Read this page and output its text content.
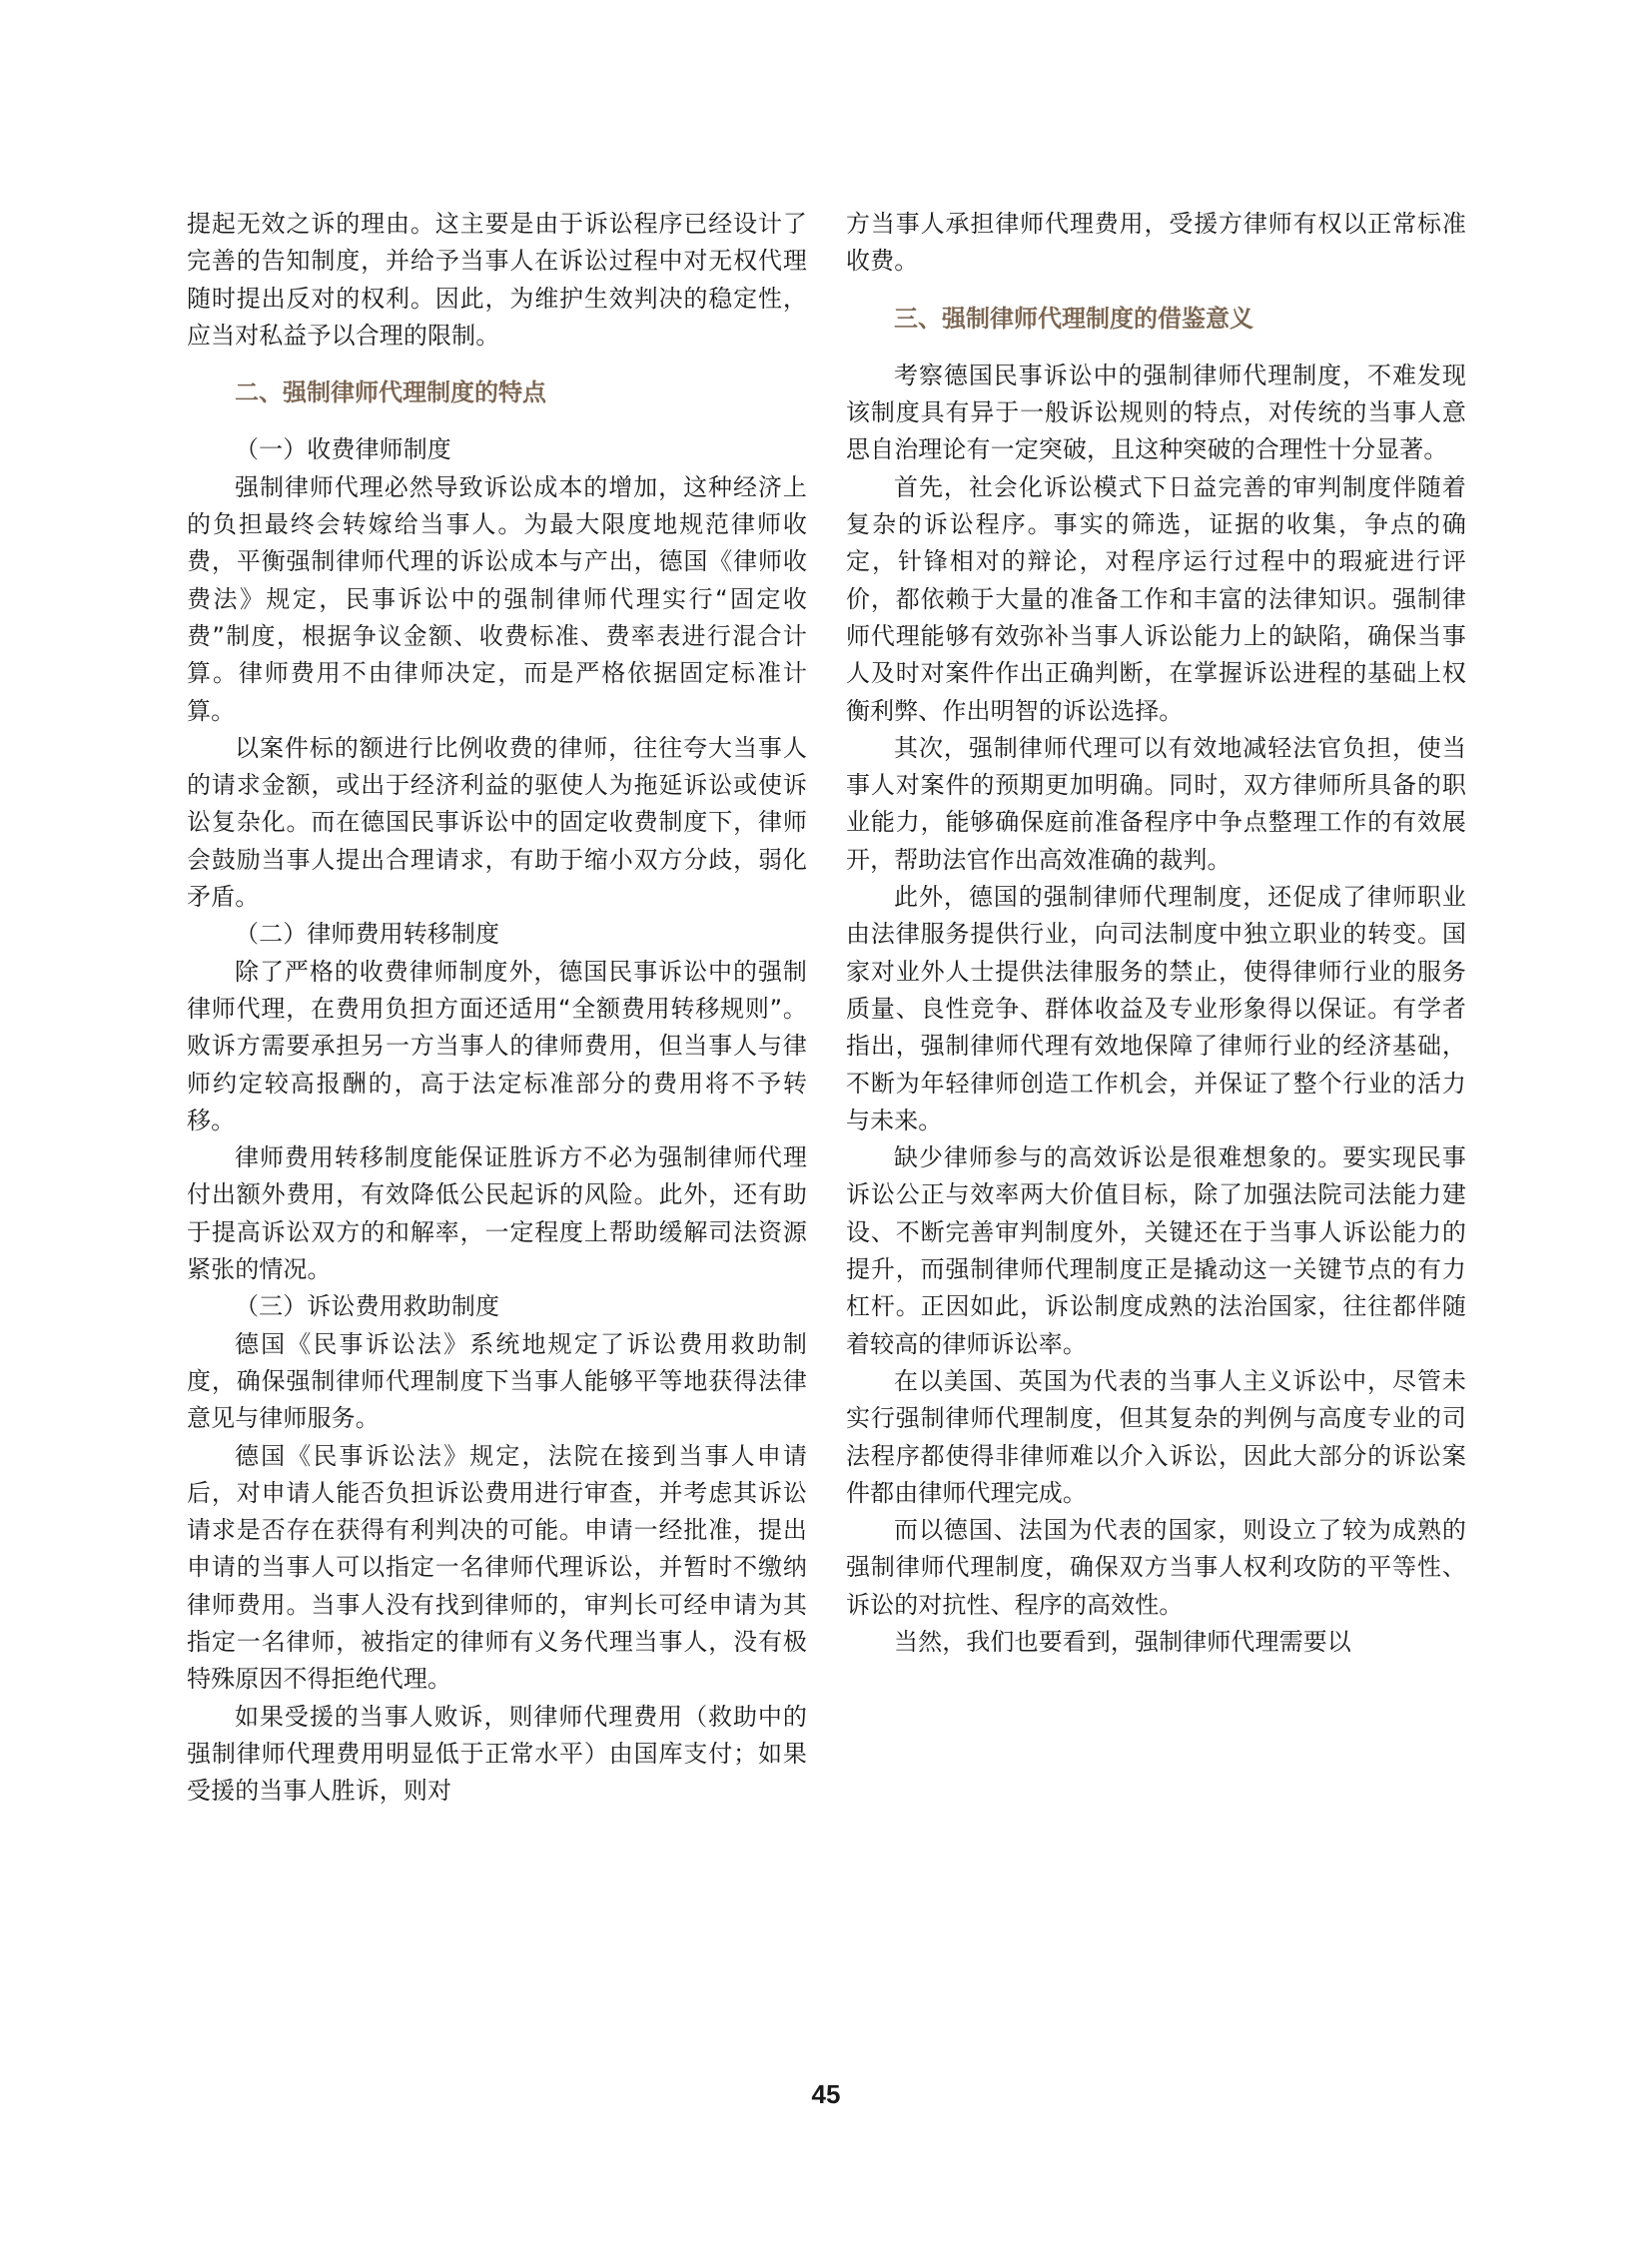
提起无效之诉的理由。这主要是由于诉讼程序已经设计了完善的告知制度，并给予当事人在诉讼过程中对无权代理随时提出反对的权利。因此，为维护生效判决的稳定性，应当对私益予以合理的限制。

二、强制律师代理制度的特点

（一）收费律师制度

强制律师代理必然导致诉讼成本的增加，这种经济上的负担最终会转嫁给当事人。为最大限度地规范律师收费，平衡强制律师代理的诉讼成本与产出，德国《律师收费法》规定，民事诉讼中的强制律师代理实行“固定收费”制度，根据争议金额、收费标准、费率表进行混合计算。律师费用不由律师决定，而是严格依据固定标准计算。

以案件标的额进行比例收费的律师，往往夸大当事人的请求金额，或出于经济利益的驱使人为拖延诉讼或使诉讼复杂化。而在德国民事诉讼中的固定收费制度下，律师会鼓励当事人提出合理请求，有助于缩小双方分歧，弱化矛盾。

（二）律师费用转移制度

除了严格的收费律师制度外，德国民事诉讼中的强制律师代理，在费用负担方面还适用“全额费用转移规则”。败诉方需要承担另一方当事人的律师费用，但当事人与律师约定较高报酬的，高于法定标准部分的费用将不予转移。

律师费用转移制度能保证胜诉方不必为强制律师代理付出额外费用，有效降低公民起诉的风险。此外，还有助于提高诉讼双方的和解率，一定程度上帮助缓解司法资源紧张的情况。

（三）诉讼费用救助制度

德国《民事诉讼法》系统地规定了诉讼费用救助制度，确保强制律师代理制度下当事人能够平等地获得法律意见与律师服务。

德国《民事诉讼法》规定，法院在接到当事人申请后，对申请人能否负担诉讼费用进行审查，并考虑其诉讼请求是否存在获得有利判决的可能。申请一经批准，提出申请的当事人可以指定一名律师代理诉讼，并暂时不缴纳律师费用。当事人没有找到律师的，审判长可经申请为其指定一名律师，被指定的律师有义务代理当事人，没有极特殊原因不得拒绝代理。

如果受援的当事人败诉，则律师代理费用（救助中的强制律师代理费用明显低于正常水平）由国库支付；如果受援的当事人胜诉，则对

方当事人承担律师代理费用，受援方律师有权以正常标准收费。

三、强制律师代理制度的借鉴意义

考察德国民事诉讼中的强制律师代理制度，不难发现该制度具有异于一般诉讼规则的特点，对传统的当事人意思自治理论有一定突破，且这种突破的合理性十分显著。

首先，社会化诉讼模式下日益完善的审判制度伴随着复杂的诉讼程序。事实的筛选，证据的收集，争点的确定，针锋相对的辩论，对程序运行过程中的瑕疵进行评价，都依赖于大量的准备工作和丰富的法律知识。强制律师代理能够有效弥补当事人诉讼能力上的缺陷，确保当事人及时对案件作出正确判断，在掌握诉讼进程的基础上权衡利弊、作出明智的诉讼选择。

其次，强制律师代理可以有效地减轻法官负担，使当事人对案件的预期更加明确。同时，双方律师所具备的职业能力，能够确保庭前准备程序中争点整理工作的有效展开，帮助法官作出高效准确的裁判。

此外，德国的强制律师代理制度，还促成了律师职业由法律服务提供行业，向司法制度中独立职业的转变。国家对业外人士提供法律服务的禁止，使得律师行业的服务质量、良性竞争、群体收益及专业形象得以保证。有学者指出，强制律师代理有效地保障了律师行业的经济基础，不断为年轻律师创造工作机会，并保证了整个行业的活力与未来。

缺少律师参与的高效诉讼是很难想象的。要实现民事诉讼公正与效率两大价值目标，除了加强法院司法能力建设、不断完善审判制度外，关键还在于当事人诉讼能力的提升，而强制律师代理制度正是撬动这一关键节点的有力杠杆。正因如此，诉讼制度成熟的法治国家，往往都伴随着较高的律师诉讼率。

在以美国、英国为代表的当事人主义诉讼中，尽管未实行强制律师代理制度，但其复杂的判例与高度专业的司法程序都使得非律师难以介入诉讼，因此大部分的诉讼案件都由律师代理完成。

而以德国、法国为代表的国家，则设立了较为成熟的强制律师代理制度，确保双方当事人权利攻防的平等性、诉讼的对抗性、程序的高效性。

当然，我们也要看到，强制律师代理需要以

45
